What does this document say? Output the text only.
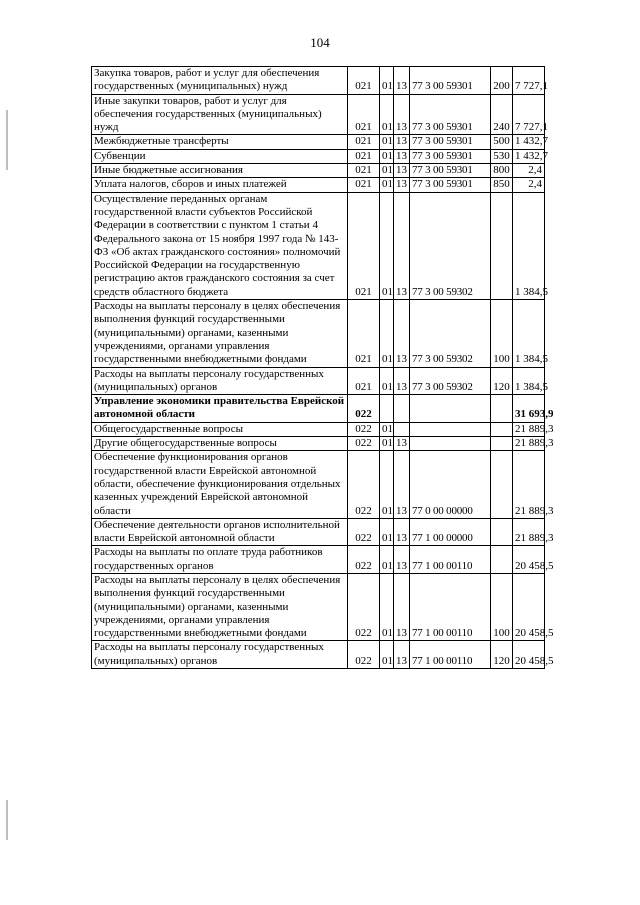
104
Закупка товаров, работ и услуг для обеспечения государственных (муниципальных) нужд	021	01	13	77 3 00 59301	200	7 727,1
Иные закупки товаров, работ и услуг для обеспечения государственных (муниципальных) нужд	021	01	13	77 3 00 59301	240	7 727,1
Межбюджетные трансферты	021	01	13	77 3 00 59301	500	1 432,7
Субвенции	021	01	13	77 3 00 59301	530	1 432,7
Иные бюджетные ассигнования	021	01	13	77 3 00 59301	800	2,4
Уплата налогов, сборов и иных платежей	021	01	13	77 3 00 59301	850	2,4
Осуществление переданных органам государственной власти субъектов Российской Федерации в соответствии с пунктом 1 статьи 4 Федерального закона от 15 ноября 1997 года № 143-ФЗ «Об актах гражданского состояния» полномочий Российской Федерации на государственную регистрацию актов гражданского состояния за счет средств областного бюджета	021	01	13	77 3 00 59302		1 384,5
Расходы на выплаты персоналу в целях обеспечения выполнения функций государственными (муниципальными) органами, казенными учреждениями, органами управления государственными внебюджетными фондами	021	01	13	77 3 00 59302	100	1 384,5
Расходы на выплаты персоналу государственных (муниципальных) органов	021	01	13	77 3 00 59302	120	1 384,5
Управление экономики правительства Еврейской автономной области	022					31 693,9
Общегосударственные вопросы	022	01				21 889,3
Другие общегосударственные вопросы	022	01	13			21 889,3
Обеспечение функционирования органов государственной власти Еврейской автономной области, обеспечение функционирования отдельных казенных учреждений Еврейской автономной области	022	01	13	77 0 00 00000		21 889,3
Обеспечение деятельности органов исполнительной власти Еврейской автономной области	022	01	13	77 1 00 00000		21 889,3
Расходы на выплаты по оплате труда работников государственных органов	022	01	13	77 1 00 00110		20 458,5
Расходы на выплаты персоналу в целях обеспечения выполнения функций государственными (муниципальными) органами, казенными учреждениями, органами управления государственными внебюджетными фондами	022	01	13	77 1 00 00110	100	20 458,5
Расходы на выплаты персоналу государственных (муниципальных) органов	022	01	13	77 1 00 00110	120	20 458,5
